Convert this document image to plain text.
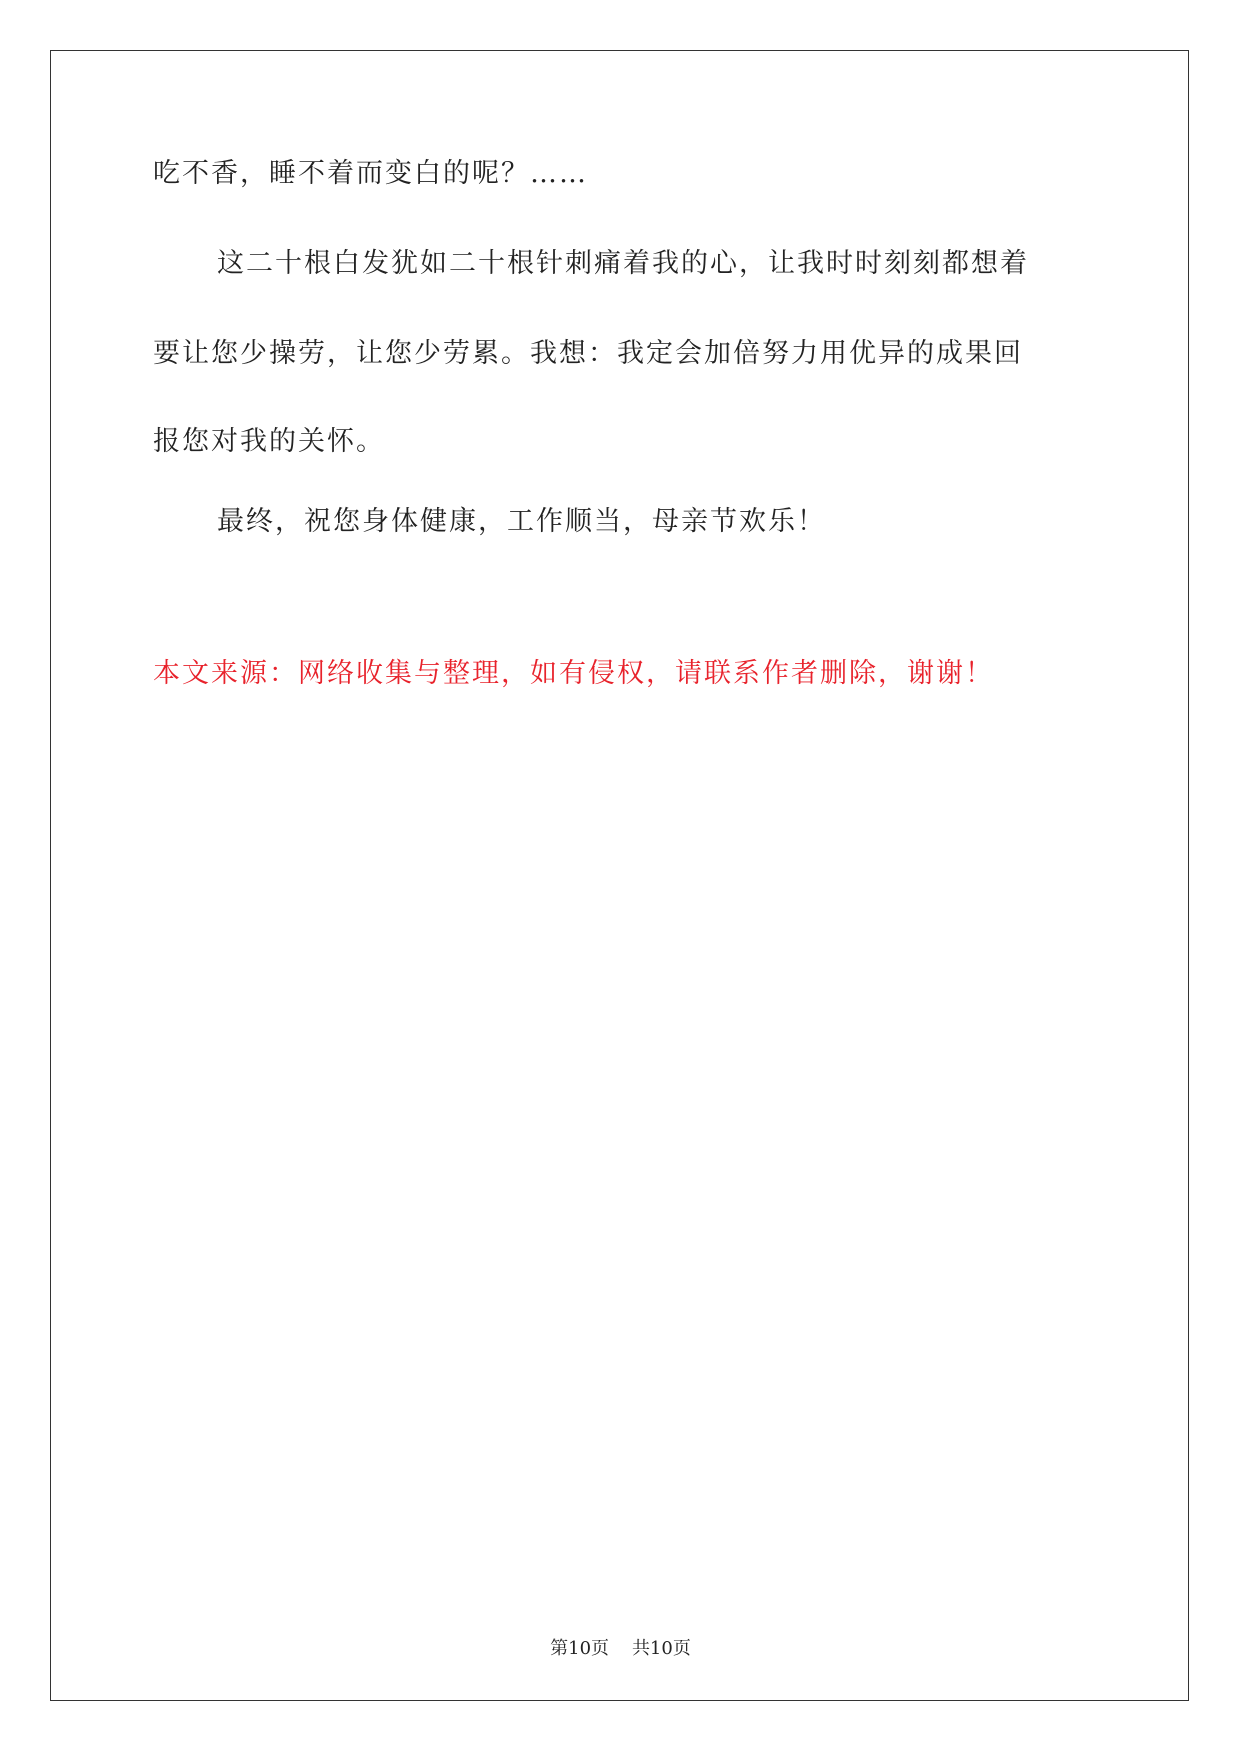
吃不香，睡不着而变白的呢？……

这二十根白发犹如二十根针刺痛着我的心，让我时时刻刻都想着

要让您少操劳，让您少劳累。我想：我定会加倍努力用优异的成果回

报您对我的关怀。

最终，祝您身体健康，工作顺当，母亲节欢乐！

本文来源：网络收集与整理，如有侵权，请联系作者删除，谢谢！

第10页 共10页
